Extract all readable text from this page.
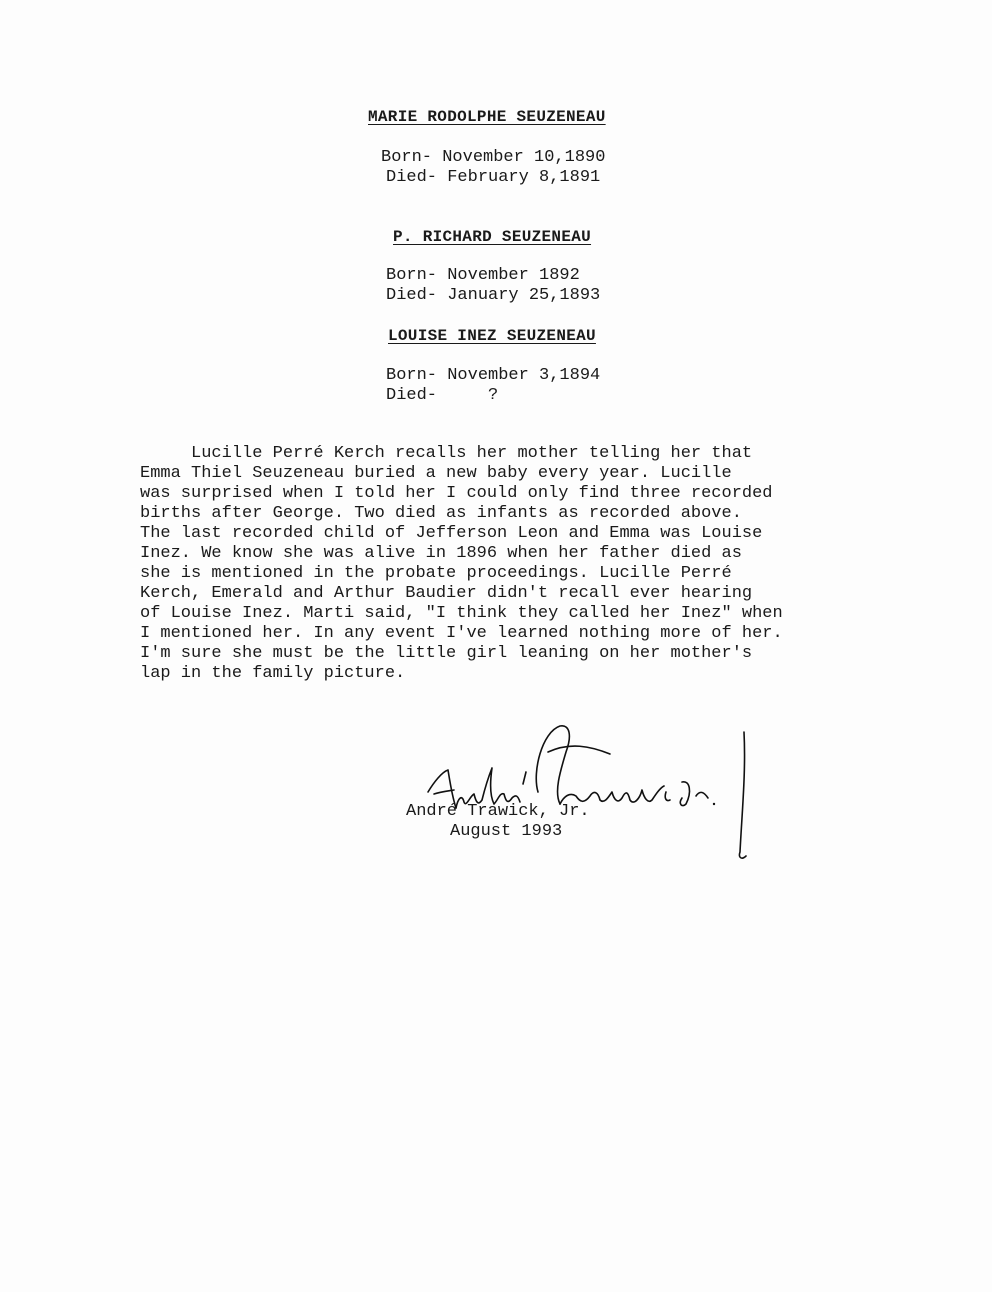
MARIE RODOLPHE SEUZENEAU
Born- November 10,1890
Died- February 8,1891
P. RICHARD SEUZENEAU
Born- November 1892
Died- January 25,1893
LOUISE INEZ SEUZENEAU
Born- November 3,1894
Died-     ?
Lucille Perré Kerch recalls her mother telling her that
Emma Thiel Seuzeneau buried a new baby every year. Lucille
was surprised when I told her I could only find three recorded
births after George. Two died as infants as recorded above.
The last recorded child of Jefferson Leon and Emma was Louise
Inez. We know she was alive in 1896 when her father died as
she is mentioned in the probate proceedings. Lucille Perré
Kerch, Emerald and Arthur Baudier didn't recall ever hearing
of Louise Inez. Marti said, "I think they called her Inez" when
I mentioned her. In any event I've learned nothing more of her.
I'm sure she must be the little girl leaning on her mother's
lap in the family picture.
André Trawick, Jr.
August 1993
